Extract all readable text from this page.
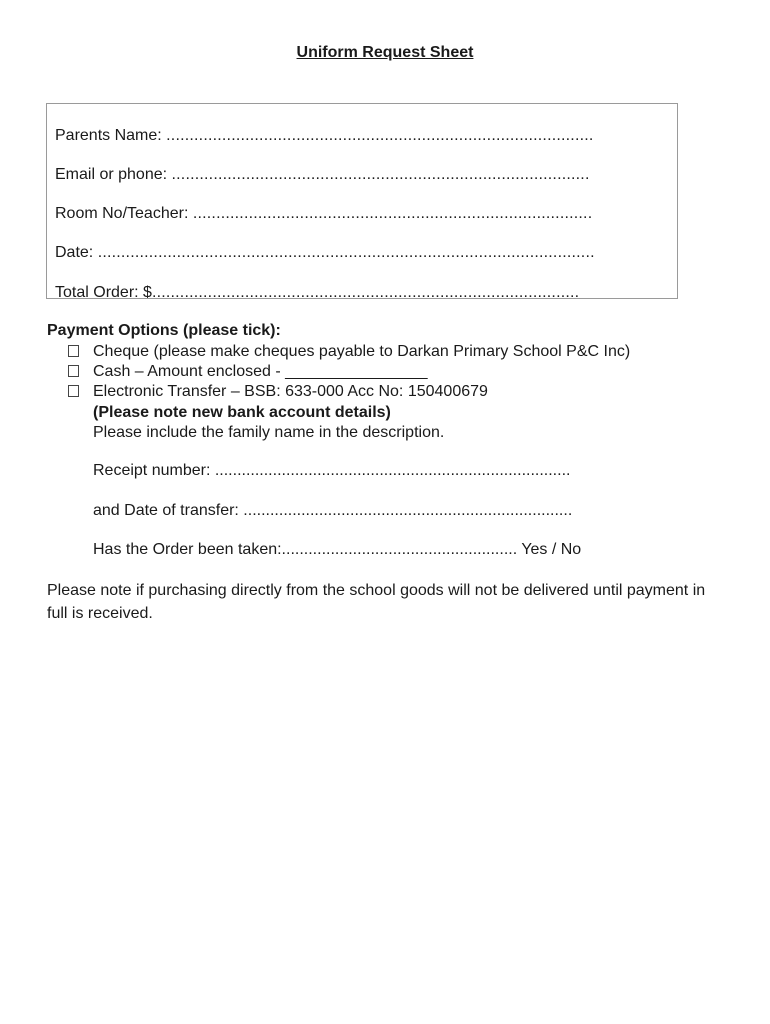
Uniform Request Sheet
Parents Name: ............................................................................................
Email or phone: ..........................................................................................
Room No/Teacher: ......................................................................................
Date: ...........................................................................................................
Total Order: $............................................................................................
Payment Options (please tick):
Cheque (please make cheques payable to Darkan Primary School P&C Inc)
Cash – Amount enclosed - ________________
Electronic Transfer – BSB: 633-000 Acc No: 150400679
(Please note new bank account details)
Please include the family name in the description.
Receipt number: ................................................................................
and Date of transfer: ..........................................................................
Has the Order been taken:..................................................... Yes / No
Please note if purchasing directly from the school goods will not be delivered until payment in full is received.
